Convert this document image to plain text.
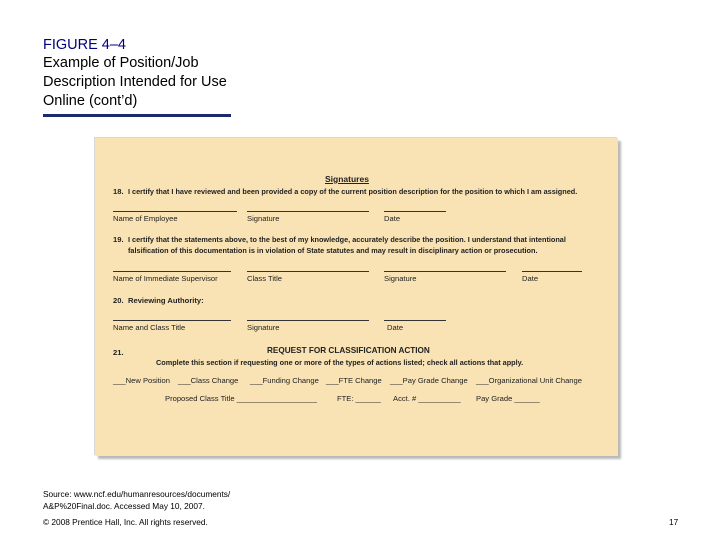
FIGURE 4–4
Example of Position/Job Description Intended for Use Online (cont’d)
Signatures
18. I certify that I have reviewed and been provided a copy of the current position description for the position to which I am assigned.
Name of Employee	Signature	Date
19. I certify that the statements above, to the best of my knowledge, accurately describe the position. I understand that intentional
falsification of this documentation is in violation of State statutes and may result in disciplinary action or prosecution.
Name of Immediate Supervisor	Class Title	Signature	Date
20. Reviewing Authority:
Name and Class Title	Signature	Date
21.	REQUEST FOR CLASSIFICATION ACTION
Complete this section if requesting one or more of the types of actions listed; check all actions that apply.
___New Position ___Class Change ___Funding Change ___FTE Change ___Pay Grade Change ___Organizational Unit Change
Proposed Class Title ___________________	FTE: ______ Acct. # __________ Pay Grade ______
Source: www.ncf.edu/humanresources/documents/
A&P%20Final.doc. Accessed May 10, 2007.
© 2008 Prentice Hall, Inc. All rights reserved.	17
